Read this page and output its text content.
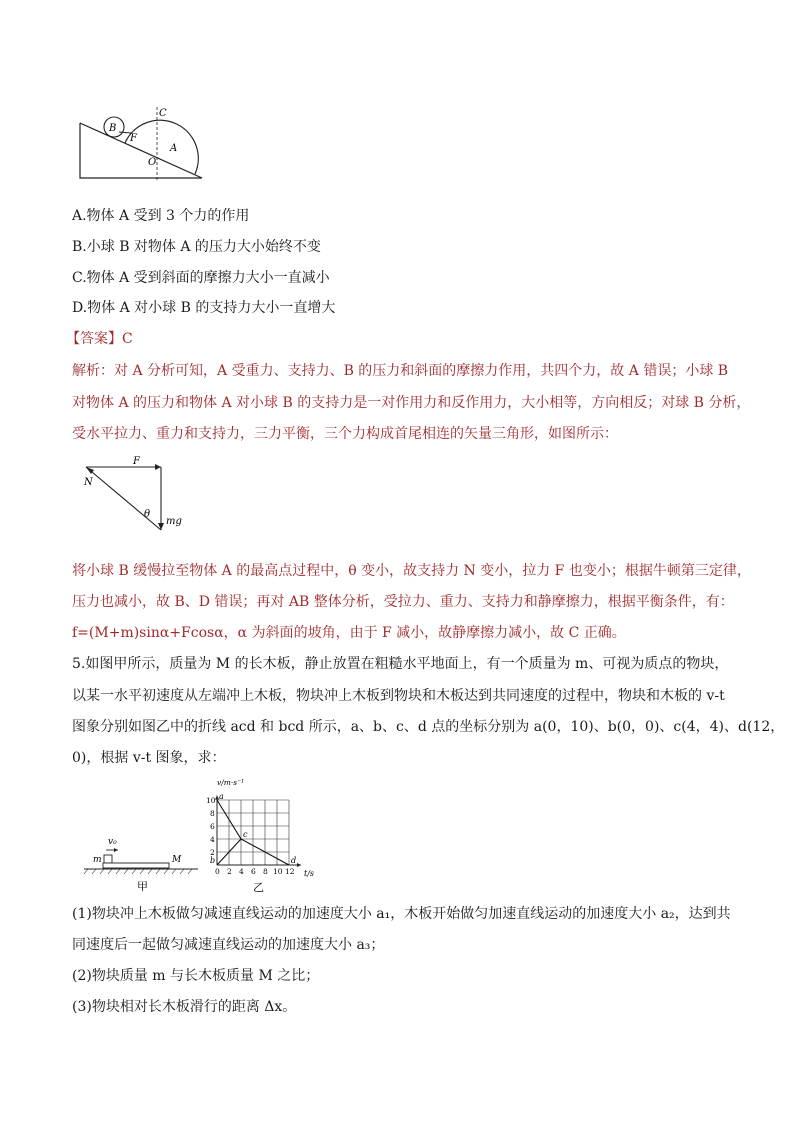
B
C
F
O
A
A.物体 A 受到 3 个力的作用
B.小球 B 对物体 A 的压力大小始终不变
C.物体 A 受到斜面的摩擦力大小一直减小
D.物体 A 对小球 B 的支持力大小一直增大
【答案】C
解析：对 A 分析可知，A 受重力、支持力、B 的压力和斜面的摩擦力作用，共四个力，故 A 错误；小球 B
对物体 A 的压力和物体 A 对小球 B 的支持力是一对作用力和反作用力，大小相等，方向相反；对球 B 分析，
受水平拉力、重力和支持力，三力平衡，三个力构成首尾相连的矢量三角形，如图所示：
F
N
θ
mg
将小球 B 缓慢拉至物体 A 的最高点过程中，θ 变小，故支持力 N 变小，拉力 F 也变小；根据牛顿第三定律，
压力也减小，故 B、D 错误；再对 AB 整体分析，受拉力、重力、支持力和静摩擦力，根据平衡条件，有：
f=(M+m)sinα+Fcosα，α 为斜面的坡角，由于 F 减小，故静摩擦力减小，故 C 正确。
5.如图甲所示，质量为 M 的长木板，静止放置在粗糙水平地面上，有一个质量为 m、可视为质点的物块，
以某一水平初速度从左端冲上木板，物块冲上木板到物块和木板达到共同速度的过程中，物块和木板的 v-t
图象分别如图乙中的折线 acd 和 bcd 所示，a、b、c、d 点的坐标分别为 a(0，10)、b(0，0)、c(4，4)、d(12，
0)，根据 v-t 图象，求：
v₀
m	M
甲
0 2 4 6 8 10 12
2
4
6
8
10 a
b
c
d
v/m·s⁻¹
t/s
乙
(1)物块冲上木板做匀减速直线运动的加速度大小 a₁，木板开始做匀加速直线运动的加速度大小 a₂，达到共
同速度后一起做匀减速直线运动的加速度大小 a₃；
(2)物块质量 m 与长木板质量 M 之比；
(3)物块相对长木板滑行的距离 Δx。
